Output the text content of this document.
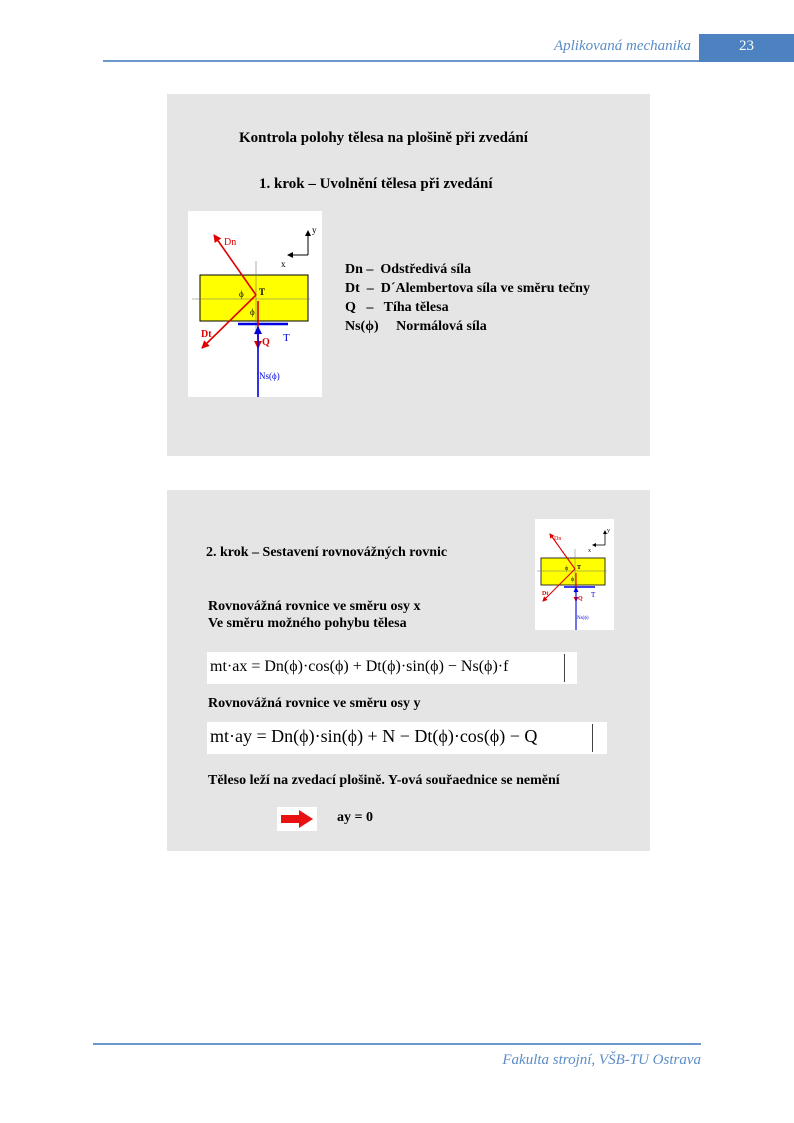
Aplikovaná mechanika	23
Kontrola polohy tělesa na plošině při zvedání
1. krok – Uvolnění tělesa při zvedání
y
x
T
Dn
Dt
Q
Ns(ϕ)
T
ϕ
ϕ
Dn – Odstředivá síla
Dt  – D´Alembertova síla ve směru tečny
Q   – Tíha tělesa
Ns(ϕ) Normálová síla
2. krok – Sestavení rovnovážných rovnic
y
x
T
Dn
Dt
Q
Ns(ϕ)
T
ϕ
ϕ
Rovnovážná rovnice ve směru osy x
Ve směru možného pohybu tělesa
mt·ax = Dn(ϕ)·cos(ϕ) + Dt(ϕ)·sin(ϕ) − Ns(ϕ)·f
Rovnovážná rovnice ve směru osy y
mt·ay = Dn(ϕ)·sin(ϕ) + N − Dt(ϕ)·cos(ϕ) − Q
Těleso leží na zvedací plošině. Y-ová souřaednice se nemění
ay = 0
Fakulta strojní, VŠB-TU Ostrava
